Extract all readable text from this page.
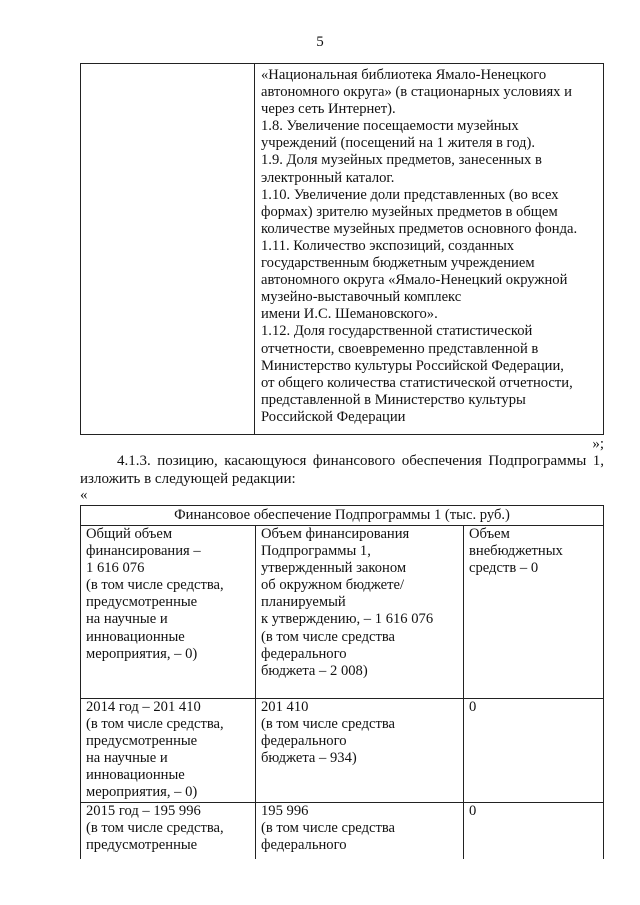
5

«Национальная библиотека Ямало-Ненецкого

автономного округа» (в стационарных условиях и

через сеть Интернет).

1.8. Увеличение посещаемости музейных

учреждений (посещений на 1 жителя в год).

1.9. Доля музейных предметов, занесенных в

электронный каталог.

1.10. Увеличение доли представленных (во всех

формах) зрителю музейных предметов в общем

количестве музейных предметов основного фонда.

1.11. Количество экспозиций, созданных

государственным бюджетным учреждением

автономного округа «Ямало-Ненецкий окружной

музейно-выставочный комплекс

имени И.С. Шемановского».

1.12. Доля государственной статистической

отчетности, своевременно представленной в

Министерство культуры Российской Федерации,

от общего количества статистической отчетности,

представленной в Министерство культуры

Российской Федерации

»;

4.1.3. позицию, касающуюся финансового обеспечения Подпрограммы 1, изложить в следующей редакции:

«
Финансовое обеспечение Подпрограммы 1 (тыс. руб.)
Общий объем
финансирования –
1 616 076
(в том числе средства,
предусмотренные
на научные и
инновационные
мероприятия, – 0)
Объем финансирования
Подпрограммы 1,
утвержденный законом
об окружном бюджете/
планируемый
к утверждению, – 1 616 076
(в том числе средства
федерального
бюджета – 2 008)
Объем
внебюджетных
средств – 0
2014 год – 201 410
(в том числе средства,
предусмотренные
на научные и
инновационные
мероприятия, – 0)
201 410
(в том числе средства
федерального
бюджета – 934)
0
2015 год – 195 996
(в том числе средства,
предусмотренные
195 996
(в том числе средства
федерального
0
